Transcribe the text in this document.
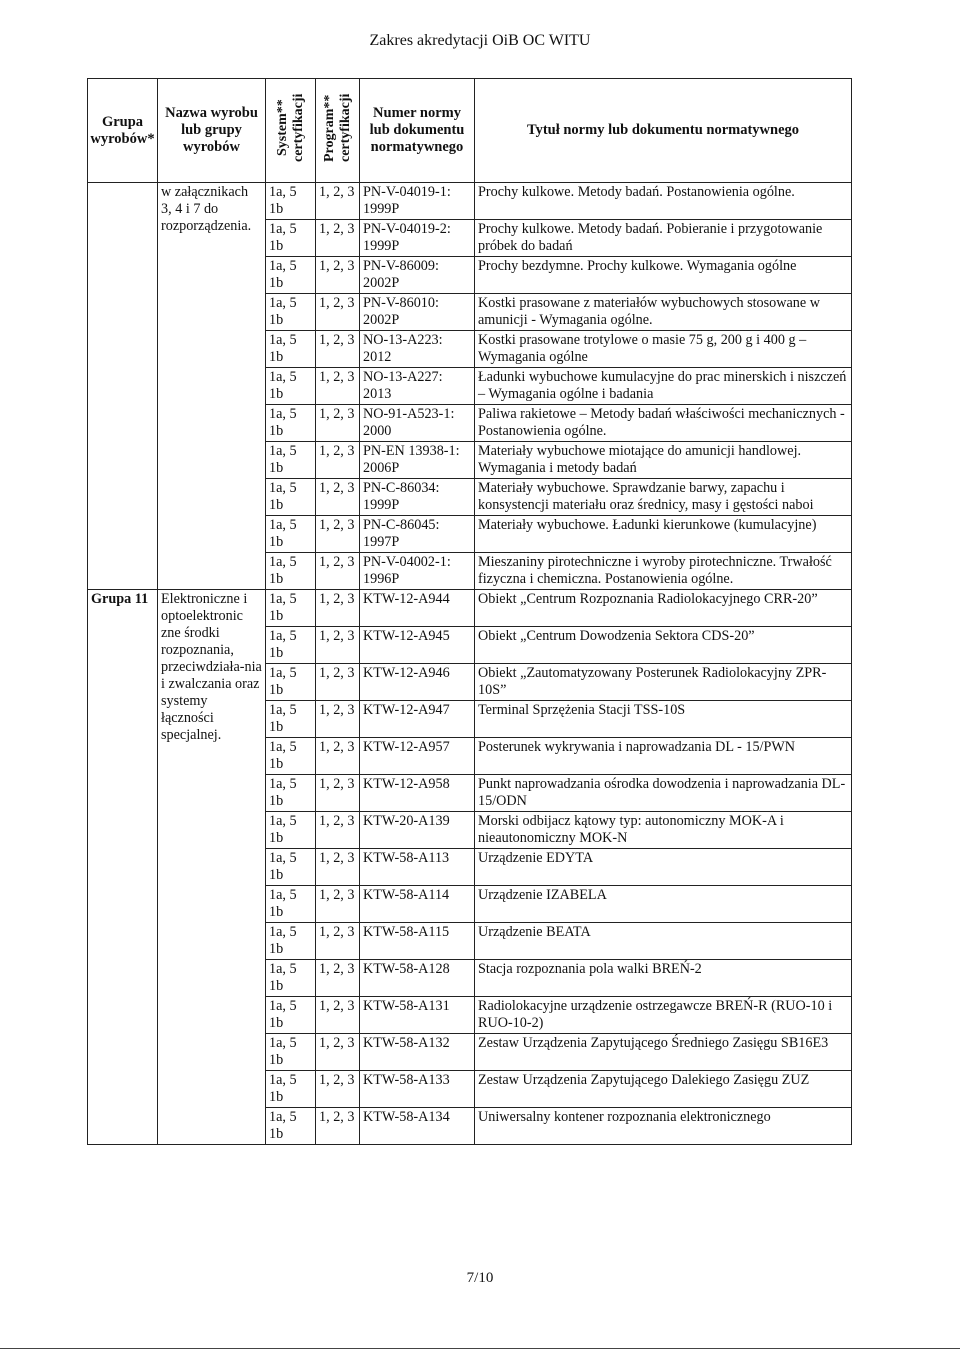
Zakres akredytacji OiB OC WITU
Grupa wyrobów*	Nazwa wyrobu lub grupy wyrobów	System** certyfikacji	Program** certyfikacji	Numer normy lub dokumentu normatywnego	Tytuł normy lub dokumentu normatywnego
	w załącznikach 3, 4 i 7 do rozporządzenia.	1a, 5 1b	1, 2, 3	PN-V-04019-1: 1999P	Prochy kulkowe. Metody badań. Postanowienia ogólne.
		1a, 5 1b	1, 2, 3	PN-V-04019-2: 1999P	Prochy kulkowe. Metody badań. Pobieranie i przygotowanie próbek do badań
		1a, 5 1b	1, 2, 3	PN-V-86009: 2002P	Prochy bezdymne. Prochy kulkowe. Wymagania ogólne
		1a, 5 1b	1, 2, 3	PN-V-86010: 2002P	Kostki prasowane z materiałów wybuchowych stosowane w amunicji - Wymagania ogólne.
		1a, 5 1b	1, 2, 3	NO-13-A223: 2012	Kostki prasowane trotylowe o masie 75 g, 200 g i 400 g – Wymagania ogólne
		1a, 5 1b	1, 2, 3	NO-13-A227: 2013	Ładunki wybuchowe kumulacyjne do prac minerskich i niszczeń – Wymagania ogólne i badania
		1a, 5 1b	1, 2, 3	NO-91-A523-1: 2000	Paliwa rakietowe – Metody badań właściwości mechanicznych -Postanowienia ogólne.
		1a, 5 1b	1, 2, 3	PN-EN 13938-1: 2006P	Materiały wybuchowe miotające do amunicji handlowej. Wymagania i metody badań
		1a, 5 1b	1, 2, 3	PN-C-86034: 1999P	Materiały wybuchowe. Sprawdzanie barwy, zapachu i konsystencji materiału oraz średnicy, masy i gęstości naboi
		1a, 5 1b	1, 2, 3	PN-C-86045: 1997P	Materiały wybuchowe. Ładunki kierunkowe (kumulacyjne)
		1a, 5 1b	1, 2, 3	PN-V-04002-1: 1996P	Mieszaniny pirotechniczne i wyroby pirotechniczne. Trwałość fizyczna i chemiczna. Postanowienia ogólne.
Grupa 11	Elektroniczne i optoelektronic zne środki rozpoznania, przeciwdziała-nia i zwalczania oraz systemy łączności specjalnej.	1a, 5 1b	1, 2, 3	KTW-12-A944	Obiekt „Centrum Rozpoznania Radiolokacyjnego CRR-20”
		1a, 5 1b	1, 2, 3	KTW-12-A945	Obiekt „Centrum Dowodzenia Sektora CDS-20”
		1a, 5 1b	1, 2, 3	KTW-12-A946	Obiekt „Zautomatyzowany Posterunek Radiolokacyjny ZPR-10S”
		1a, 5 1b	1, 2, 3	KTW-12-A947	Terminal Sprzężenia Stacji TSS-10S
		1a, 5 1b	1, 2, 3	KTW-12-A957	Posterunek wykrywania i naprowadzania DL - 15/PWN
		1a, 5 1b	1, 2, 3	KTW-12-A958	Punkt naprowadzania ośrodka dowodzenia i naprowadzania DL-15/ODN
		1a, 5 1b	1, 2, 3	KTW-20-A139	Morski odbijacz kątowy typ: autonomiczny MOK-A i nieautonomiczny MOK-N
		1a, 5 1b	1, 2, 3	KTW-58-A113	Urządzenie EDYTA
		1a, 5 1b	1, 2, 3	KTW-58-A114	Urządzenie IZABELA
		1a, 5 1b	1, 2, 3	KTW-58-A115	Urządzenie BEATA
		1a, 5 1b	1, 2, 3	KTW-58-A128	Stacja rozpoznania pola walki BREŃ-2
		1a, 5 1b	1, 2, 3	KTW-58-A131	Radiolokacyjne urządzenie ostrzegawcze BREŃ-R (RUO-10 i RUO-10-2)
		1a, 5 1b	1, 2, 3	KTW-58-A132	Zestaw Urządzenia Zapytującego Średniego Zasięgu SB16E3
		1a, 5 1b	1, 2, 3	KTW-58-A133	Zestaw Urządzenia Zapytującego Dalekiego Zasięgu ZUZ
		1a, 5 1b	1, 2, 3	KTW-58-A134	Uniwersalny kontener rozpoznania elektronicznego
7/10
